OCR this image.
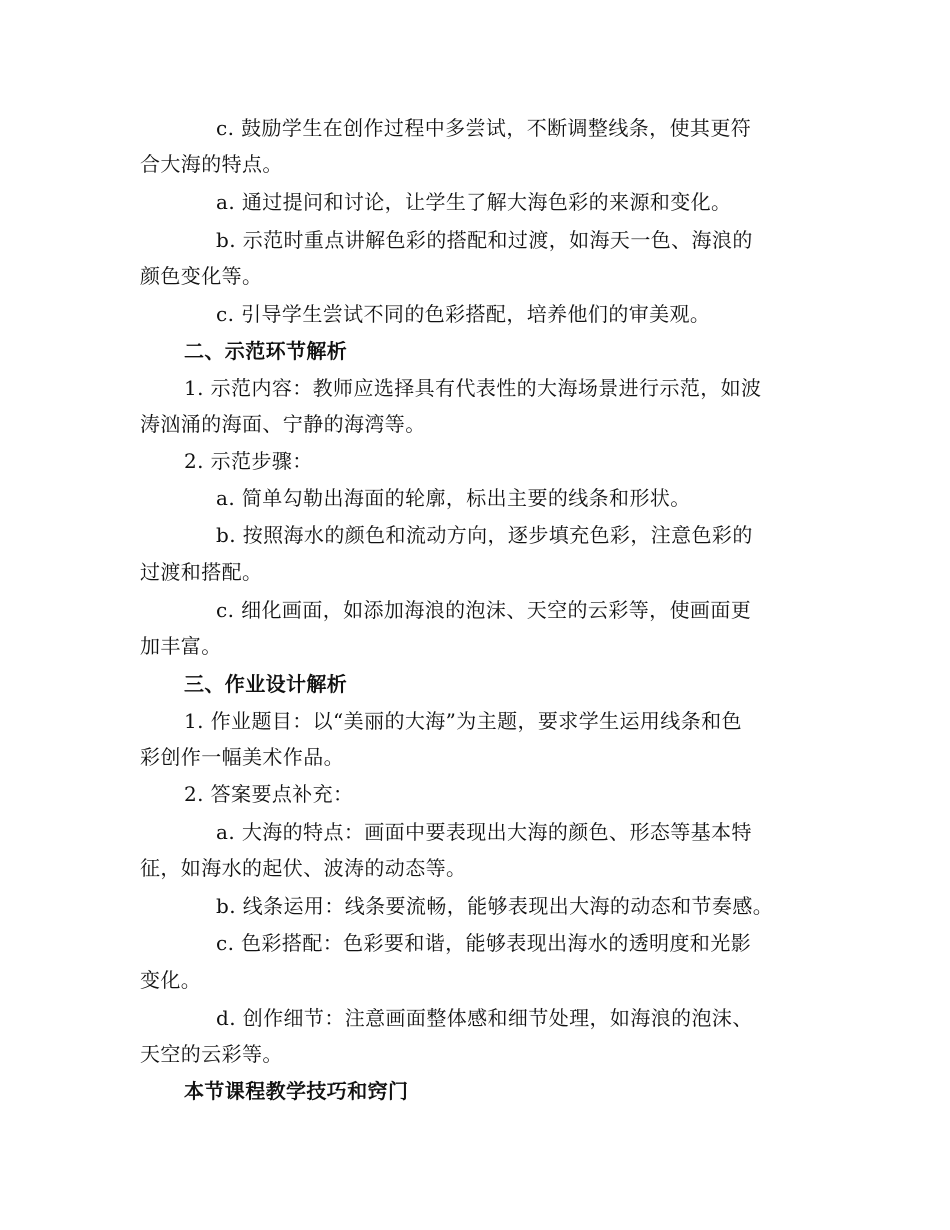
c. 鼓励学生在创作过程中多尝试，不断调整线条，使其更符
合大海的特点。
a. 通过提问和讨论，让学生了解大海色彩的来源和变化。
b. 示范时重点讲解色彩的搭配和过渡，如海天一色、海浪的
颜色变化等。
c. 引导学生尝试不同的色彩搭配，培养他们的审美观。
二、示范环节解析
1. 示范内容：教师应选择具有代表性的大海场景进行示范，如波
涛汹涌的海面、宁静的海湾等。
2. 示范步骤：
a. 简单勾勒出海面的轮廓，标出主要的线条和形状。
b. 按照海水的颜色和流动方向，逐步填充色彩，注意色彩的
过渡和搭配。
c. 细化画面，如添加海浪的泡沫、天空的云彩等，使画面更
加丰富。
三、作业设计解析
1. 作业题目：以“美丽的大海”为主题，要求学生运用线条和色
彩创作一幅美术作品。
2. 答案要点补充：
a. 大海的特点：画面中要表现出大海的颜色、形态等基本特
征，如海水的起伏、波涛的动态等。
b. 线条运用：线条要流畅，能够表现出大海的动态和节奏感。
c. 色彩搭配：色彩要和谐，能够表现出海水的透明度和光影
变化。
d. 创作细节：注意画面整体感和细节处理，如海浪的泡沫、
天空的云彩等。
本节课程教学技巧和窍门
